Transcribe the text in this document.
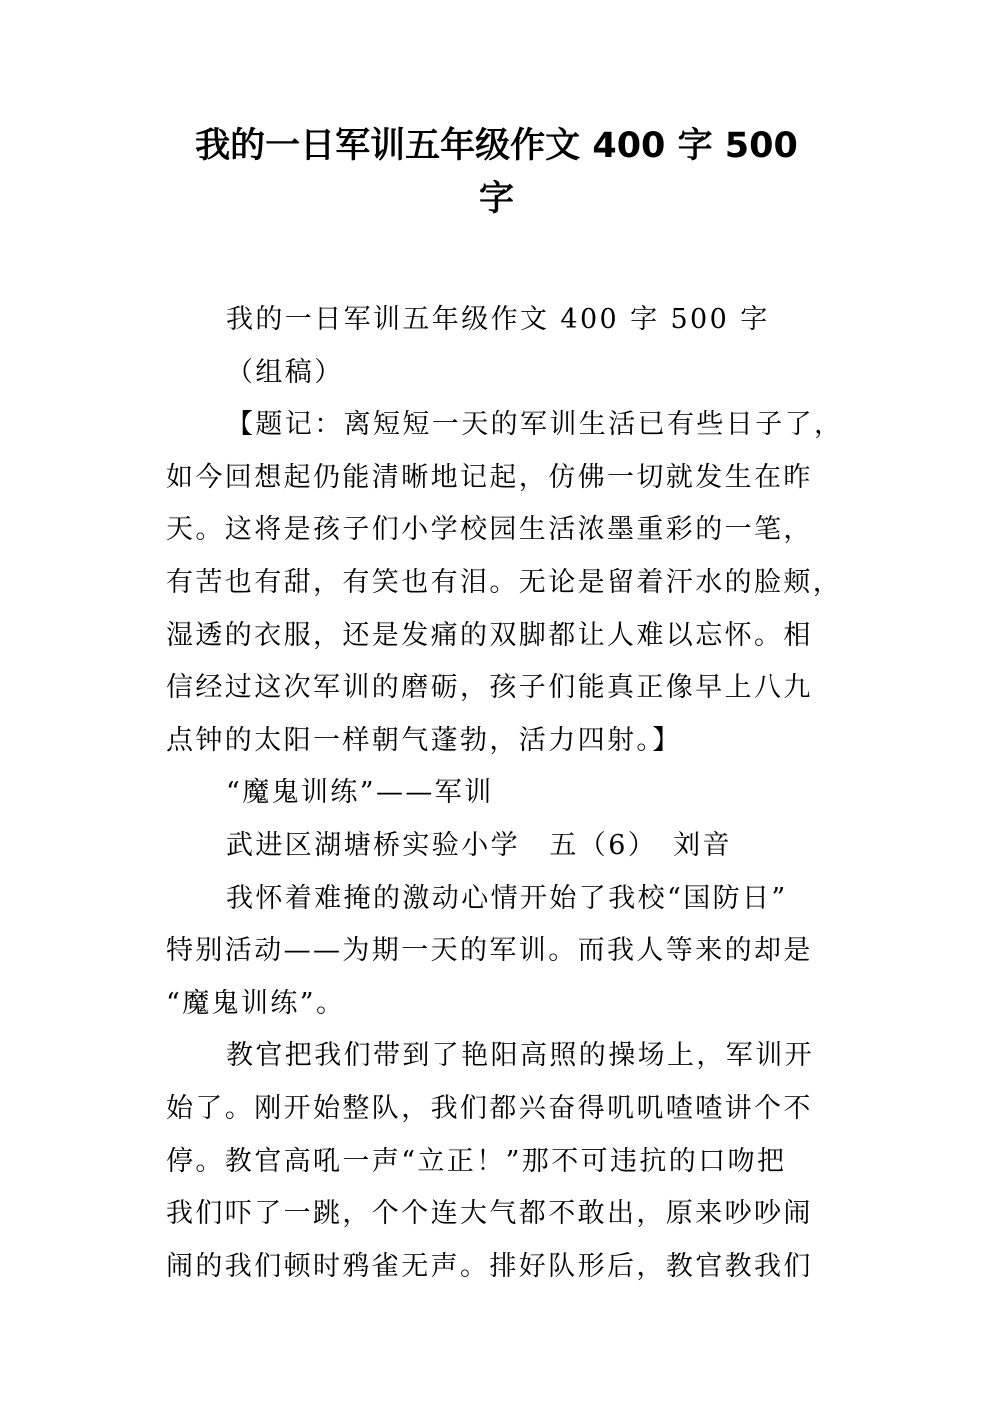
我的一日军训五年级作文 400 字 500
字
我的一日军训五年级作文 400 字 500 字
（组稿）
【题记：离短短一天的军训生活已有些日子了，
如今回想起仍能清晰地记起，仿佛一切就发生在昨
天。这将是孩子们小学校园生活浓墨重彩的一笔，
有苦也有甜，有笑也有泪。无论是留着汗水的脸颊，
湿透的衣服，还是发痛的双脚都让人难以忘怀。相
信经过这次军训的磨砺，孩子们能真正像早上八九
点钟的太阳一样朝气蓬勃，活力四射。】
“魔鬼训练”——军训
武进区湖塘桥实验小学　五（6）　刘音
我怀着难掩的激动心情开始了我校“国防日”
特别活动——为期一天的军训。而我人等来的却是
“魔鬼训练”。
教官把我们带到了艳阳高照的操场上，军训开
始了。刚开始整队，我们都兴奋得叽叽喳喳讲个不
停。教官高吼一声“立正！”那不可违抗的口吻把
我们吓了一跳，个个连大气都不敢出，原来吵吵闹
闹的我们顿时鸦雀无声。排好队形后，教官教我们
